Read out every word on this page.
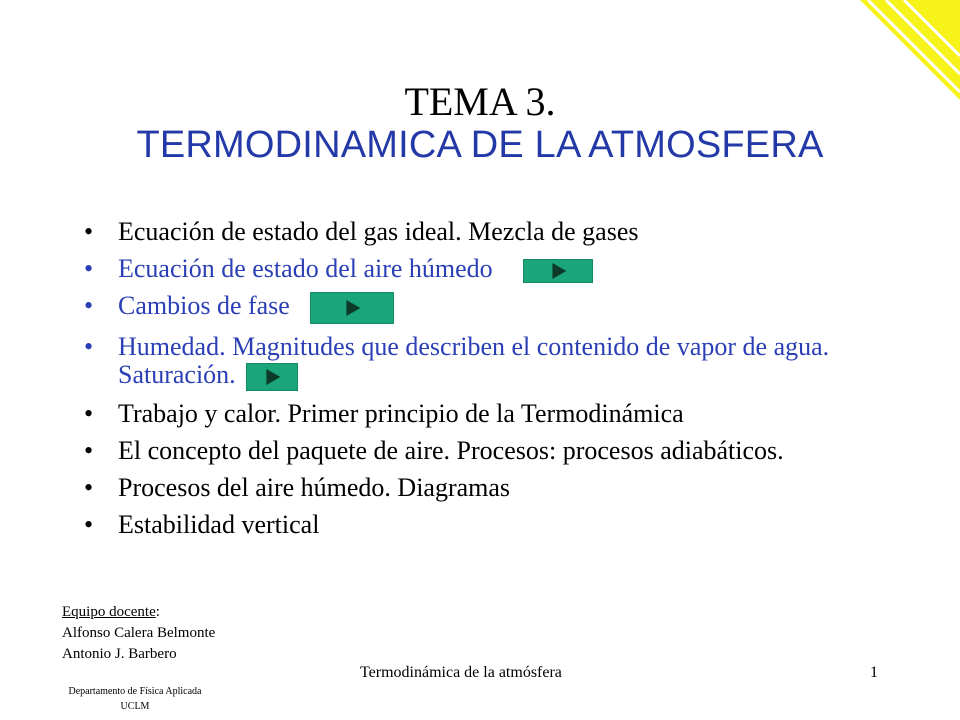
TEMA 3.
TERMODINAMICA DE LA ATMOSFERA
• Ecuación de estado del gas ideal. Mezcla de gases
• Ecuación de estado del aire húmedo
• Cambios de fase
• Humedad. Magnitudes que describen el contenido de vapor de agua. Saturación.
• Trabajo y calor. Primer principio de la Termodinámica
• El concepto del paquete de aire. Procesos: procesos adiabáticos.
• Procesos del aire húmedo. Diagramas
• Estabilidad vertical
Equipo docente:
Alfonso Calera Belmonte
Antonio J. Barbero
Departamento de Física Aplicada
UCLM
Termodinámica de la atmósfera	1
